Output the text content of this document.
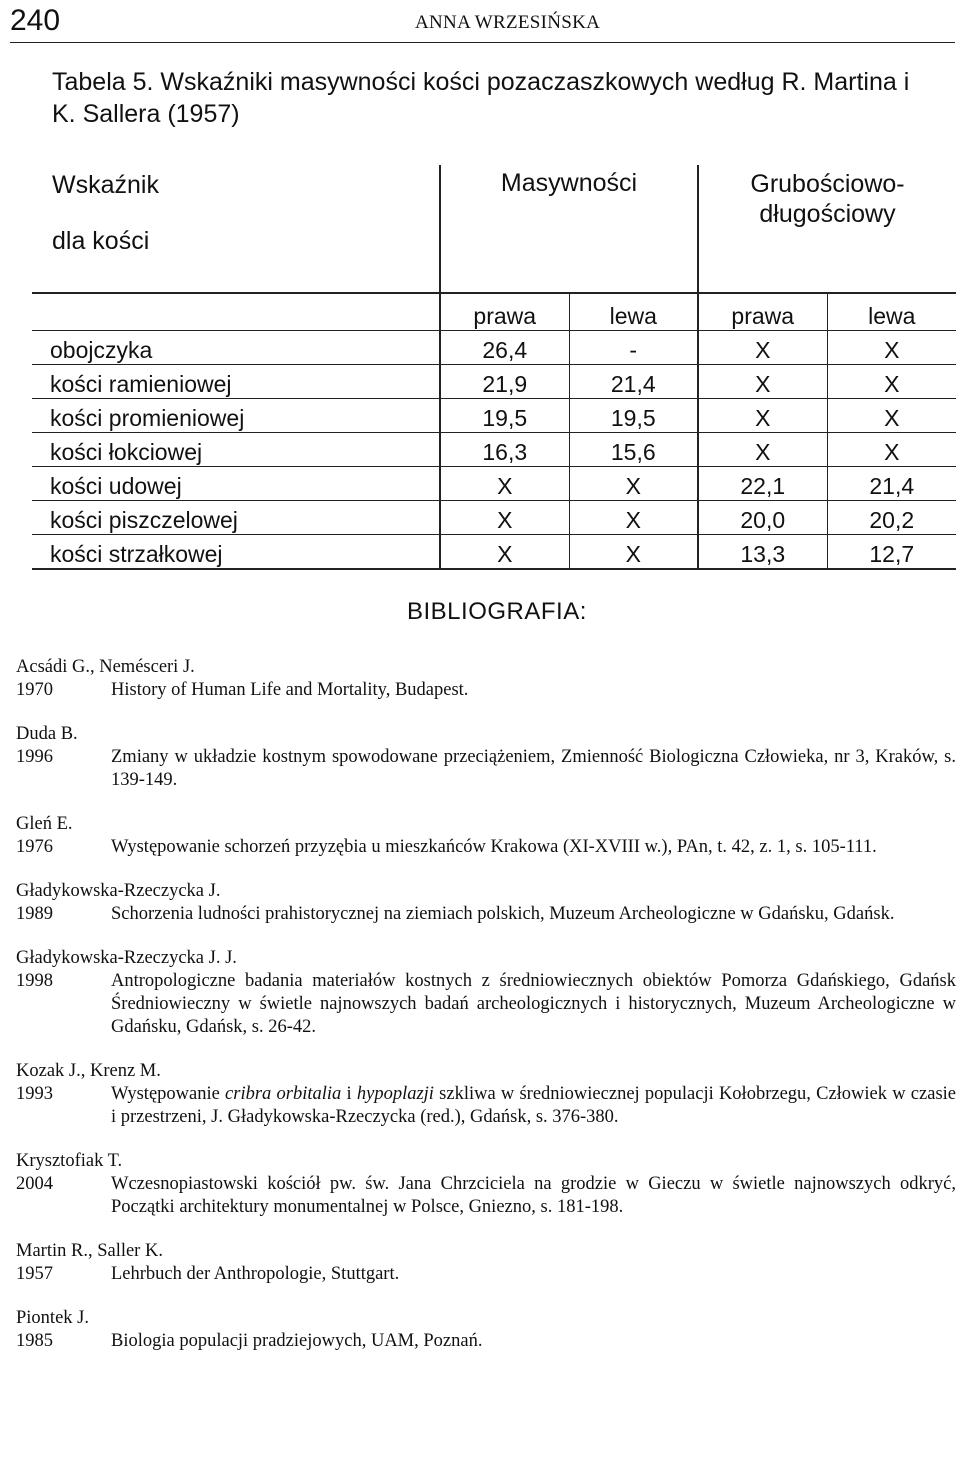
240	ANNA WRZESIŃSKA
Tabela 5. Wskaźniki masywności kości pozaczaszkowych według R. Martina i K. Sallera (1957)
Wskaźnik
dla kości	Masywności		Grubościowo-długościowy	
	prawa	lewa	prawa	lewa
obojczyka	26,4	-	X	X
kości ramieniowej	21,9	21,4	X	X
kości promieniowej	19,5	19,5	X	X
kości łokciowej	16,3	15,6	X	X
kości udowej	X	X	22,1	21,4
kości piszczelowej	X	X	20,0	20,2
kości strzałkowej	X	X	13,3	12,7
BIBLIOGRAFIA:
Acsádi G., Nemésceri J.
1970	History of Human Life and Mortality, Budapest.
Duda B.
1996	Zmiany w układzie kostnym spowodowane przeciążeniem, Zmienność Biologiczna Człowieka, nr 3, Kraków, s. 139-149.
Gleń E.
1976	Występowanie schorzeń przyzębia u mieszkańców Krakowa (XI-XVIII w.), PAn, t. 42, z. 1, s. 105-111.
Gładykowska-Rzeczycka J.
1989	Schorzenia ludności prahistorycznej na ziemiach polskich, Muzeum Archeologiczne w Gdańsku, Gdańsk.
Gładykowska-Rzeczycka J. J.
1998	Antropologiczne badania materiałów kostnych z średniowiecznych obiektów Pomorza Gdańskiego, Gdańsk Średniowieczny w świetle najnowszych badań archeologicznych i historycznych, Muzeum Archeologiczne w Gdańsku, Gdańsk, s. 26-42.
Kozak J., Krenz M.
1993	Występowanie cribra orbitalia i hypoplazji szkliwa w średniowiecznej populacji Kołobrzegu, Człowiek w czasie i przestrzeni, J. Gładykowska-Rzeczycka (red.), Gdańsk, s. 376-380.
Krysztofiak T.
2004	Wczesnopiastowski kościół pw. św. Jana Chrzciciela na grodzie w Gieczu w świetle najnowszych odkryć, Początki architektury monumentalnej w Polsce, Gniezno, s. 181-198.
Martin R., Saller K.
1957	Lehrbuch der Anthropologie, Stuttgart.
Piontek J.
1985	Biologia populacji pradziejowych, UAM, Poznań.
